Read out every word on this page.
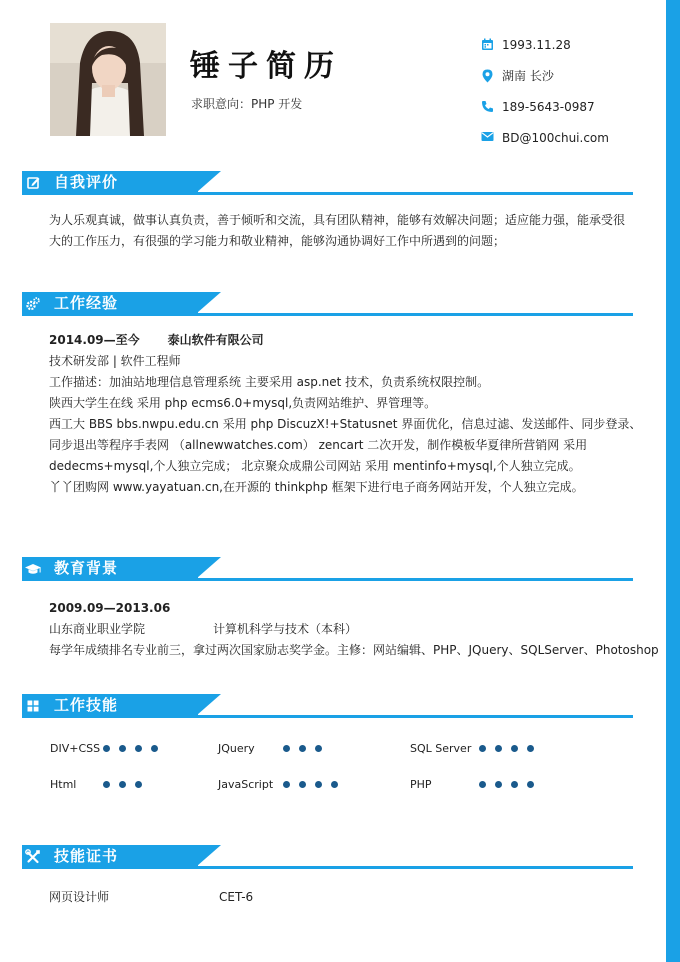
锤子简历
求职意向：PHP 开发
1993.11.28
湖南 长沙
189-5643-0987
BD@100chui.com
自我评价
为人乐观真诚，做事认真负责，善于倾听和交流，具有团队精神，能够有效解决问题；适应能力强，能承受很
大的工作压力，有很强的学习能力和敬业精神，能够沟通协调好工作中所遇到的问题；
工作经验
2014.09—至今 泰山软件有限公司
技术研发部 | 软件工程师
工作描述：加油站地理信息管理系统 主要采用 asp.net 技术，负责系统权限控制。
陕西大学生在线 采用 php ecms6.0+mysql,负责网站维护、界管理等。
西工大 BBS bbs.nwpu.edu.cn 采用 php DiscuzX!+Statusnet 界面优化，信息过滤、发送邮件、同步登录、
同步退出等程序手表网 （allnewwatches.com） zencart 二次开发，制作模板华夏律所营销网 采用
dedecms+mysql,个人独立完成； 北京聚众成鼎公司网站 采用 mentinfo+mysql,个人独立完成。
丫丫团购网 www.yayatuan.cn,在开源的 thinkphp 框架下进行电子商务网站开发，个人独立完成。
教育背景
2009.09—2013.06
山东商业职业学院	计算机科学与技术（本科）
每学年成绩排名专业前三，拿过两次国家励志奖学金。主修：网站编辑、PHP、JQuery、SQLServer、Photoshop
工作技能
DIV+CSS	JQuery	SQL Server
Html	JavaScript	PHP
技能证书
网页设计师	CET-6
